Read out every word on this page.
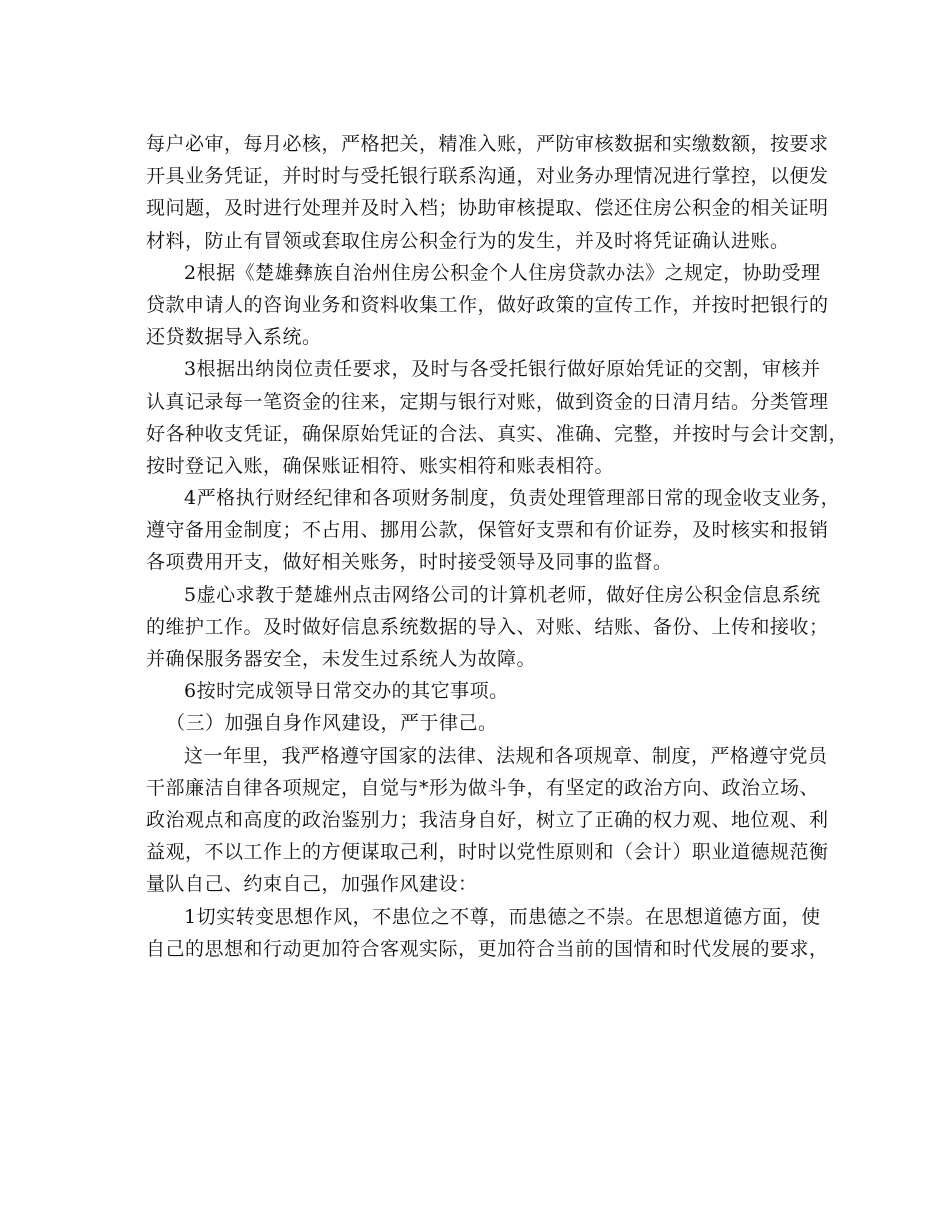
每户必审，每月必核，严格把关，精准入账，严防审核数据和实缴数额，按要求
开具业务凭证，并时时与受托银行联系沟通，对业务办理情况进行掌控，以便发
现问题，及时进行处理并及时入档；协助审核提取、偿还住房公积金的相关证明
材料，防止有冒领或套取住房公积金行为的发生，并及时将凭证确认进账。
2根据《楚雄彝族自治州住房公积金个人住房贷款办法》之规定，协助受理
贷款申请人的咨询业务和资料收集工作，做好政策的宣传工作，并按时把银行的
还贷数据导入系统。
3根据出纳岗位责任要求，及时与各受托银行做好原始凭证的交割，审核并
认真记录每一笔资金的往来，定期与银行对账，做到资金的日清月结。分类管理
好各种收支凭证，确保原始凭证的合法、真实、准确、完整，并按时与会计交割，
按时登记入账，确保账证相符、账实相符和账表相符。
4严格执行财经纪律和各项财务制度，负责处理管理部日常的现金收支业务，
遵守备用金制度；不占用、挪用公款，保管好支票和有价证券，及时核实和报销
各项费用开支，做好相关账务，时时接受领导及同事的监督。
5虚心求教于楚雄州点击网络公司的计算机老师，做好住房公积金信息系统
的维护工作。及时做好信息系统数据的导入、对账、结账、备份、上传和接收；
并确保服务器安全，未发生过系统人为故障。
6按时完成领导日常交办的其它事项。
（三）加强自身作风建设，严于律己。
这一年里，我严格遵守国家的法律、法规和各项规章、制度，严格遵守党员
干部廉洁自律各项规定，自觉与*形为做斗争，有坚定的政治方向、政治立场、
政治观点和高度的政治鉴别力；我洁身自好，树立了正确的权力观、地位观、利
益观，不以工作上的方便谋取己利，时时以党性原则和（会计）职业道德规范衡
量队自己、约束自己，加强作风建设：
1切实转变思想作风，不患位之不尊，而患德之不崇。在思想道德方面，使
自己的思想和行动更加符合客观实际，更加符合当前的国情和时代发展的要求，
